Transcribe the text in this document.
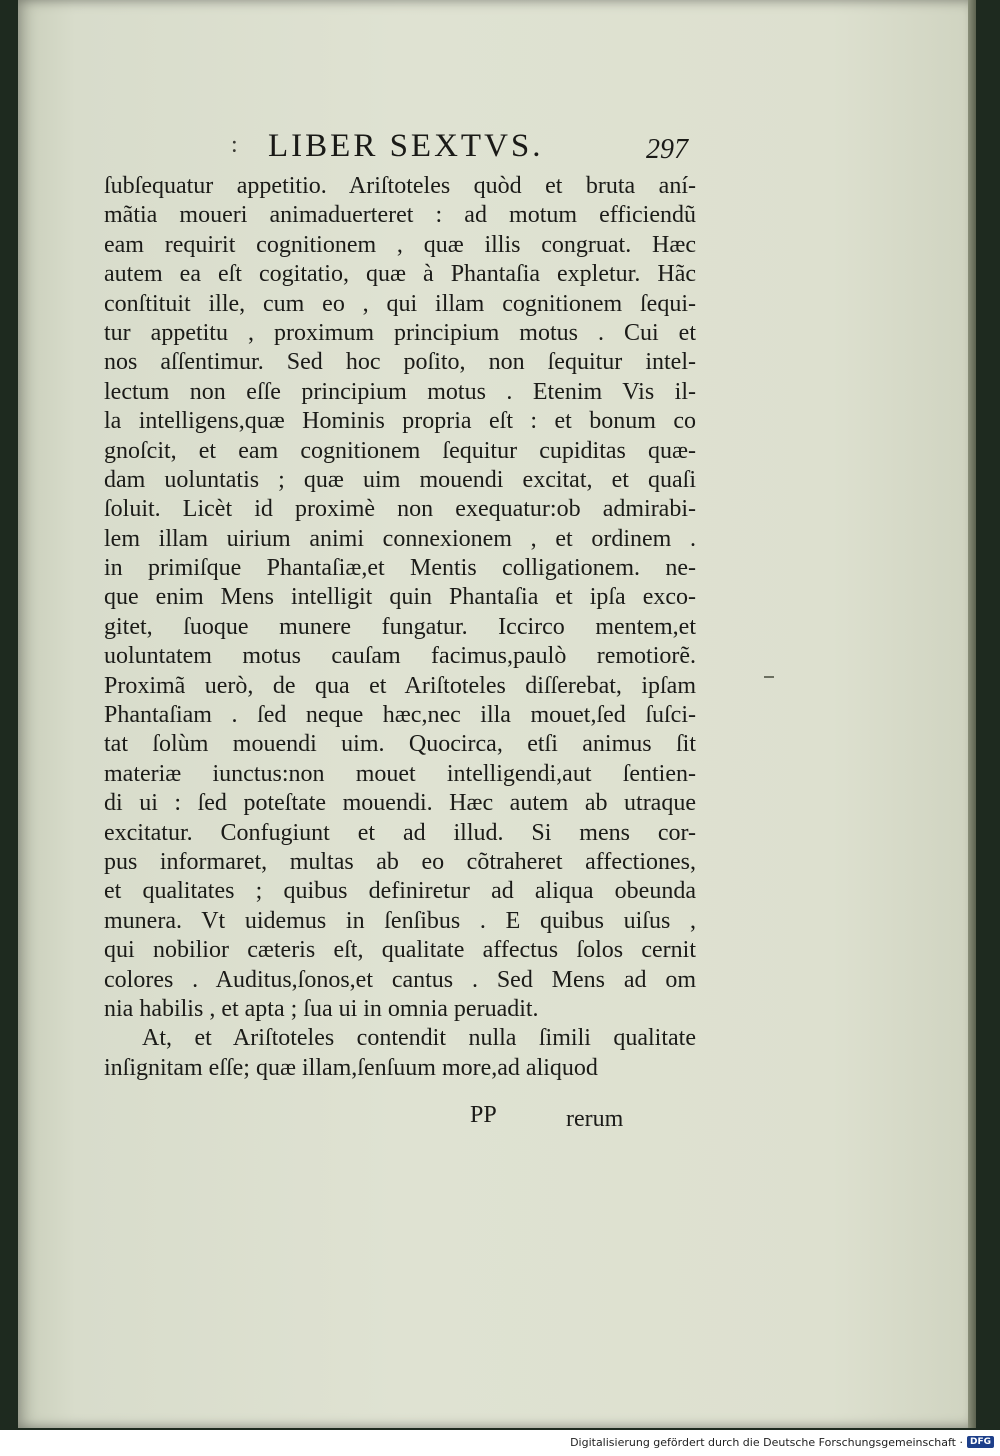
: LIBER SEXTVS.	297
ſubſequatur appetitio. Ariſtoteles quòd et bruta aní-
mãtia moueri animaduerteret : ad motum efficiendũ
eam requirit cognitionem , quæ illis congruat. Hæc
autem ea eſt cogitatio, quæ à Phantaſia expletur. Hãc
conſtituit ille, cum eo , qui illam cognitionem ſequi-
tur appetitu , proximum principium motus . Cui et
nos aſſentimur. Sed hoc poſito, non ſequitur intel-
lectum non eſſe principium motus . Etenim Vis il-
la intelligens,quæ Hominis propria eſt : et bonum co
gnoſcit, et eam cognitionem ſequitur cupiditas quæ-
dam uoluntatis ; quæ uim mouendi excitat, et quaſi
ſoluit. Licèt id proximè non exequatur:ob admirabi-
lem illam uirium animi connexionem , et ordinem .
in primiſque Phantaſiæ,et Mentis colligationem. ne-
que enim Mens intelligit quin Phantaſia et ipſa exco-
gitet, ſuoque munere fungatur. Iccirco mentem,et
uoluntatem motus cauſam facimus,paulò remotiorẽ.
Proximã uerò, de qua et Ariſtoteles diſſerebat, ipſam
Phantaſiam . ſed neque hæc,nec illa mouet,ſed ſuſci-
tat ſolùm mouendi uim. Quocirca, etſi animus ſit
materiæ iunctus:non mouet intelligendi,aut ſentien-
di ui : ſed poteſtate mouendi. Hæc autem ab utraque
excitatur. Confugiunt et ad illud. Si mens cor-
pus informaret, multas ab eo cõtraheret affectiones,
et qualitates ; quibus definiretur ad aliqua obeunda
munera. Vt uidemus in ſenſibus . E quibus uiſus ,
qui nobilior cæteris eſt, qualitate affectus ſolos cernit
colores . Auditus,ſonos,et cantus . Sed Mens ad om
nia habilis , et apta ; ſua ui in omnia peruadit.
At, et Ariſtoteles contendit nulla ſimili qualitate
inſignitam eſſe; quæ illam,ſenſuum more,ad aliquod
PP	rerum
Digitalisierung gefördert durch die Deutsche Forschungsgemeinschaft · DFG
